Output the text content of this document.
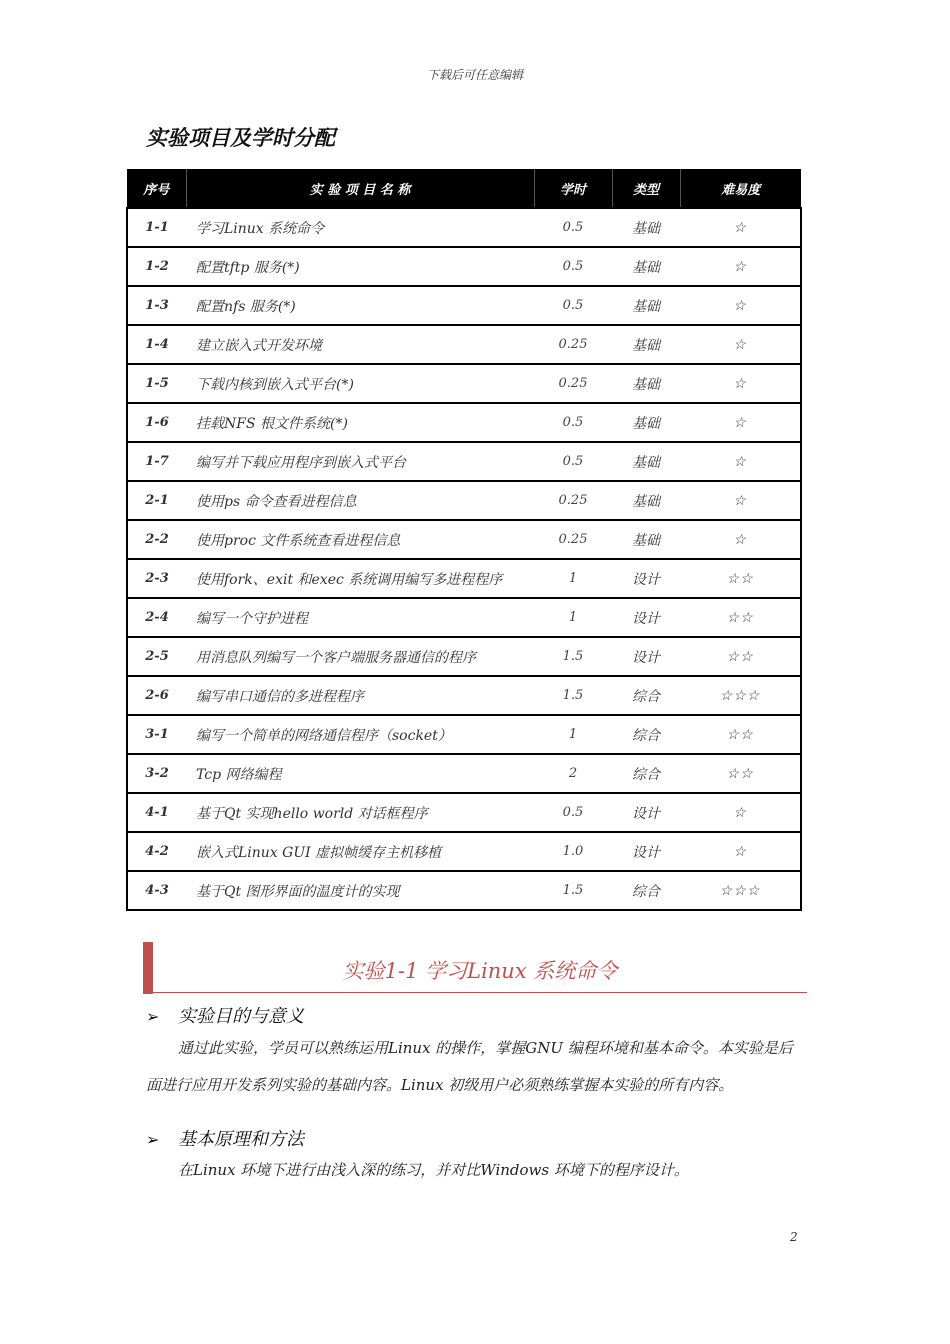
下载后可任意编辑
实验项目及学时分配
序号	实 验 项 目 名 称	学时	类型	难易度
1-1	学习Linux 系统命令	0.5	基础	☆
1-2	配置tftp 服务(*)	0.5	基础	☆
1-3	配置nfs 服务(*)	0.5	基础	☆
1-4	建立嵌入式开发环境	0.25	基础	☆
1-5	下载内核到嵌入式平台(*)	0.25	基础	☆
1-6	挂载NFS 根文件系统(*)	0.5	基础	☆
1-7	编写并下载应用程序到嵌入式平台	0.5	基础	☆
2-1	使用ps 命令查看进程信息	0.25	基础	☆
2-2	使用proc 文件系统查看进程信息	0.25	基础	☆
2-3	使用fork、exit 和exec 系统调用编写多进程程序	1	设计	☆☆
2-4	编写一个守护进程	1	设计	☆☆
2-5	用消息队列编写一个客户端服务器通信的程序	1.5	设计	☆☆
2-6	编写串口通信的多进程程序	1.5	综合	☆☆☆
3-1	编写一个简单的网络通信程序（socket）	1	综合	☆☆
3-2	Tcp 网络编程	2	综合	☆☆
4-1	基于Qt 实现hello world 对话框程序	0.5	设计	☆
4-2	嵌入式Linux GUI 虚拟帧缓存主机移植	1.0	设计	☆
4-3	基于Qt 图形界面的温度计的实现	1.5	综合	☆☆☆
实验1-1 学习Linux 系统命令
➢ 实验目的与意义
通过此实验，学员可以熟练运用Linux 的操作，掌握GNU 编程环境和基本命令。本实验是后面进行应用开发系列实验的基础内容。Linux 初级用户必须熟练掌握本实验的所有内容。
➢ 基本原理和方法
在Linux 环境下进行由浅入深的练习，并对比Windows 环境下的程序设计。
2
